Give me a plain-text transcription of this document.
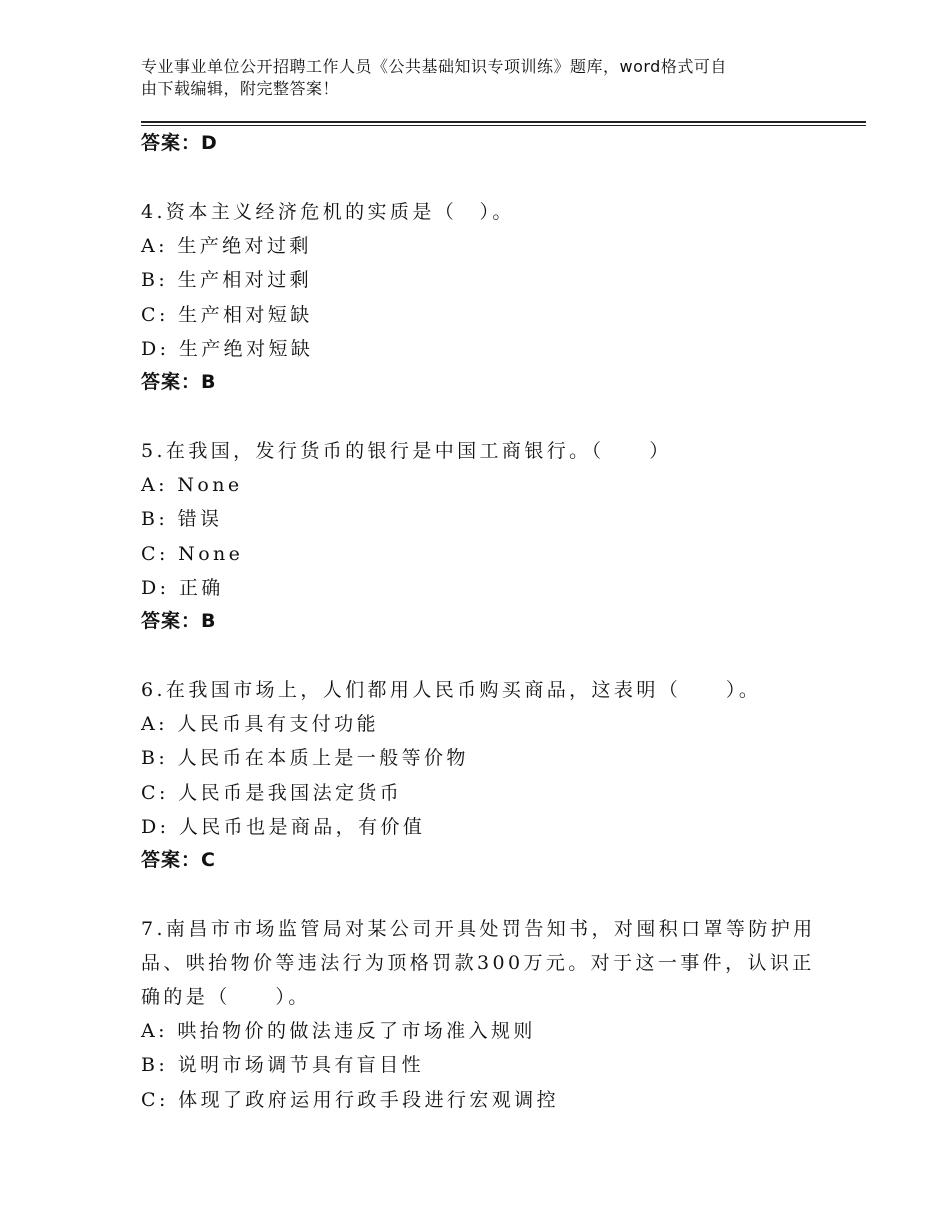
专业事业单位公开招聘工作人员《公共基础知识专项训练》题库，word格式可自
由下载编辑，附完整答案！
答案：D
4.资本主义经济危机的实质是（　）。
A: 生产绝对过剩
B: 生产相对过剩
C: 生产相对短缺
D: 生产绝对短缺
答案：B
5.在我国，发行货币的银行是中国工商银行。（　　）
A: None
B: 错误
C: None
D: 正确
答案：B
6.在我国市场上，人们都用人民币购买商品，这表明（　　）。
A: 人民币具有支付功能
B: 人民币在本质上是一般等价物
C: 人民币是我国法定货币
D: 人民币也是商品，有价值
答案：C
7.南昌市市场监管局对某公司开具处罚告知书，对囤积口罩等防护用
品、哄抬物价等违法行为顶格罚款300万元。对于这一事件，认识正
确的是（　　）。
A: 哄抬物价的做法违反了市场准入规则
B: 说明市场调节具有盲目性
C: 体现了政府运用行政手段进行宏观调控
